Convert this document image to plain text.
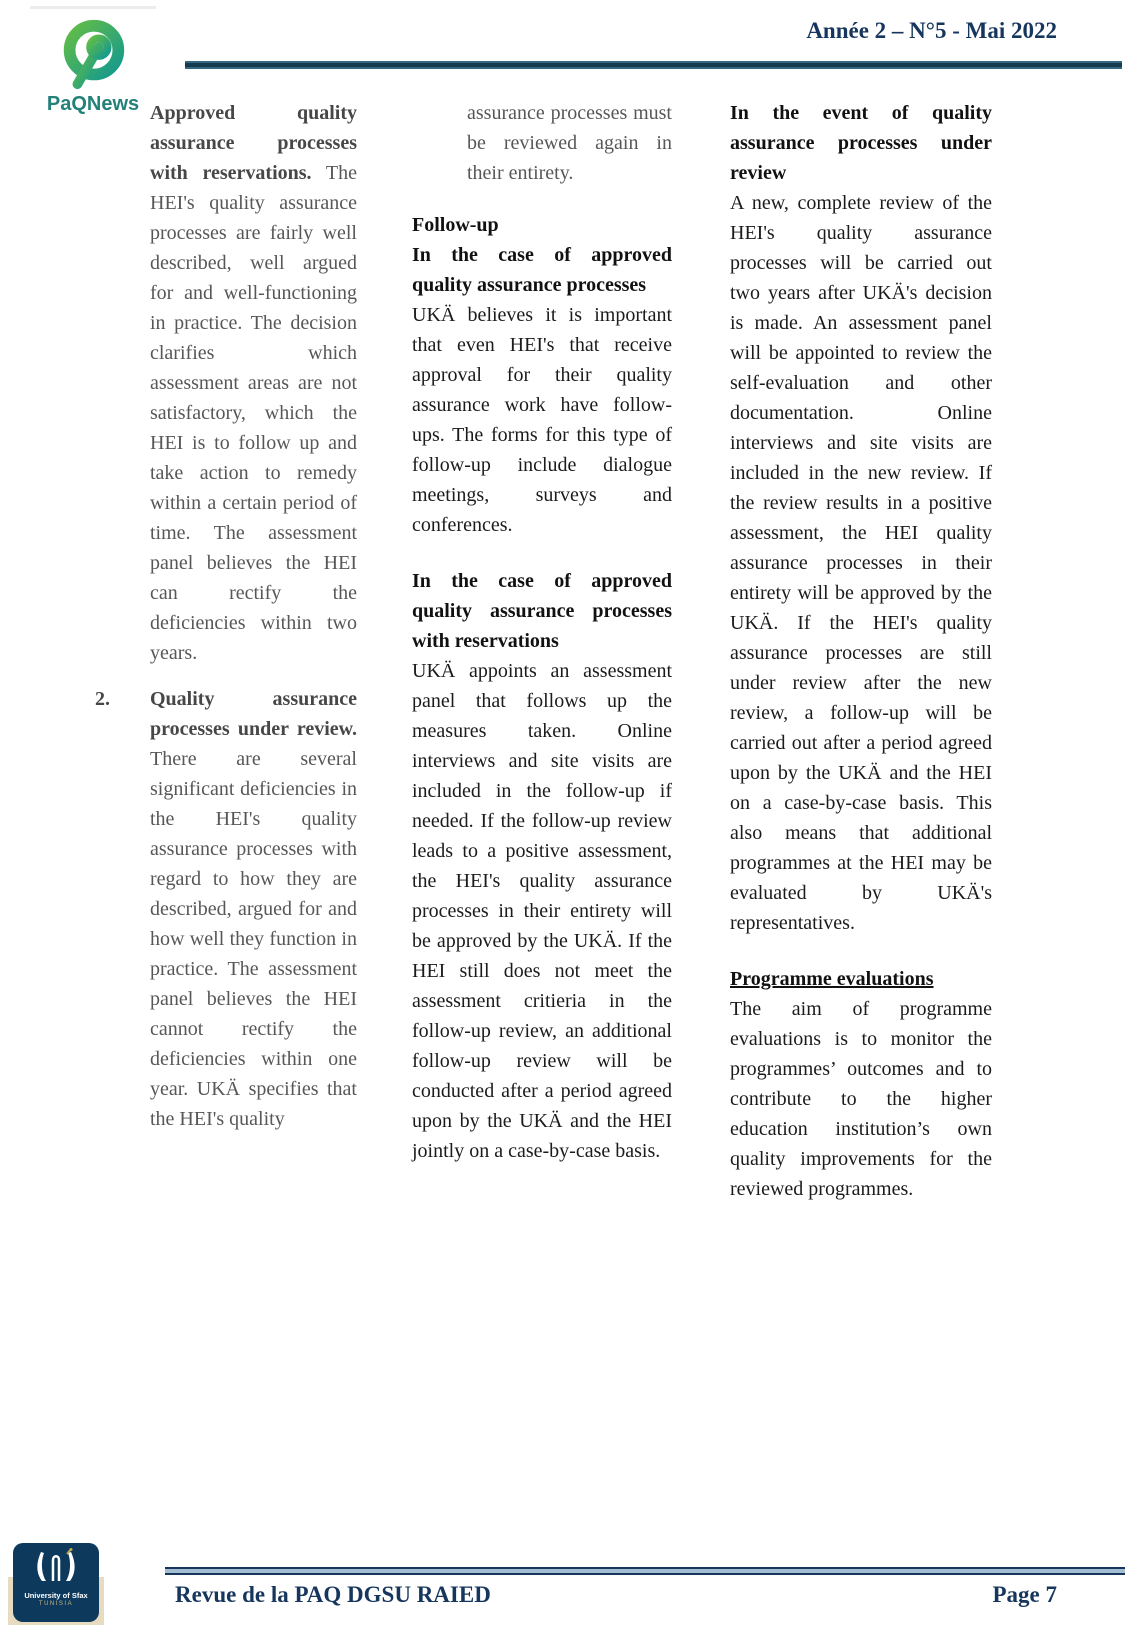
PaQNews
Année 2 – N°5 - Mai 2022

Approved quality assurance processes with reservations. The HEI's quality assurance processes are fairly well described, well argued for and well-functioning in practice. The decision clarifies which assessment areas are not satisfactory, which the HEI is to follow up and take action to remedy within a certain period of time. The assessment panel believes the HEI can rectify the deficiencies within two years.

2. Quality assurance processes under review. There are several significant deficiencies in the HEI's quality assurance processes with regard to how they are described, argued for and how well they function in practice. The assessment panel believes the HEI cannot rectify the deficiencies within one year. UKÄ specifies that the HEI's quality

assurance processes must be reviewed again in their entirety.

Follow-up
In the case of approved quality assurance processes

UKÄ believes it is important that even HEI's that receive approval for their quality assurance work have follow-ups. The forms for this type of follow-up include dialogue meetings, surveys and conferences.

In the case of approved quality assurance processes with reservations

UKÄ appoints an assessment panel that follows up the measures taken. Online interviews and site visits are included in the follow-up if needed. If the follow-up review leads to a positive assessment, the HEI's quality assurance processes in their entirety will be approved by the UKÄ. If the HEI still does not meet the assessment critieria in the follow-up review, an additional follow-up review will be conducted after a period agreed upon by the UKÄ and the HEI jointly on a case-by-case basis.

In the event of quality assurance processes under review

A new, complete review of the HEI's quality assurance processes will be carried out two years after UKÄ's decision is made. An assessment panel will be appointed to review the self-evaluation and other documentation. Online interviews and site visits are included in the new review. If the review results in a positive assessment, the HEI quality assurance processes in their entirety will be approved by the UKÄ. If the HEI's quality assurance processes are still under review after the new review, a follow-up will be carried out after a period agreed upon by the UKÄ and the HEI on a case-by-case basis. This also means that additional programmes at the HEI may be evaluated by UKÄ's representatives.

Programme evaluations

The aim of programme evaluations is to monitor the programmes’ outcomes and to contribute to the higher education institution’s own quality improvements for the reviewed programmes.

University of Sfax
TUNISIA	Revue de la PAQ DGSU RAIED	Page 7
